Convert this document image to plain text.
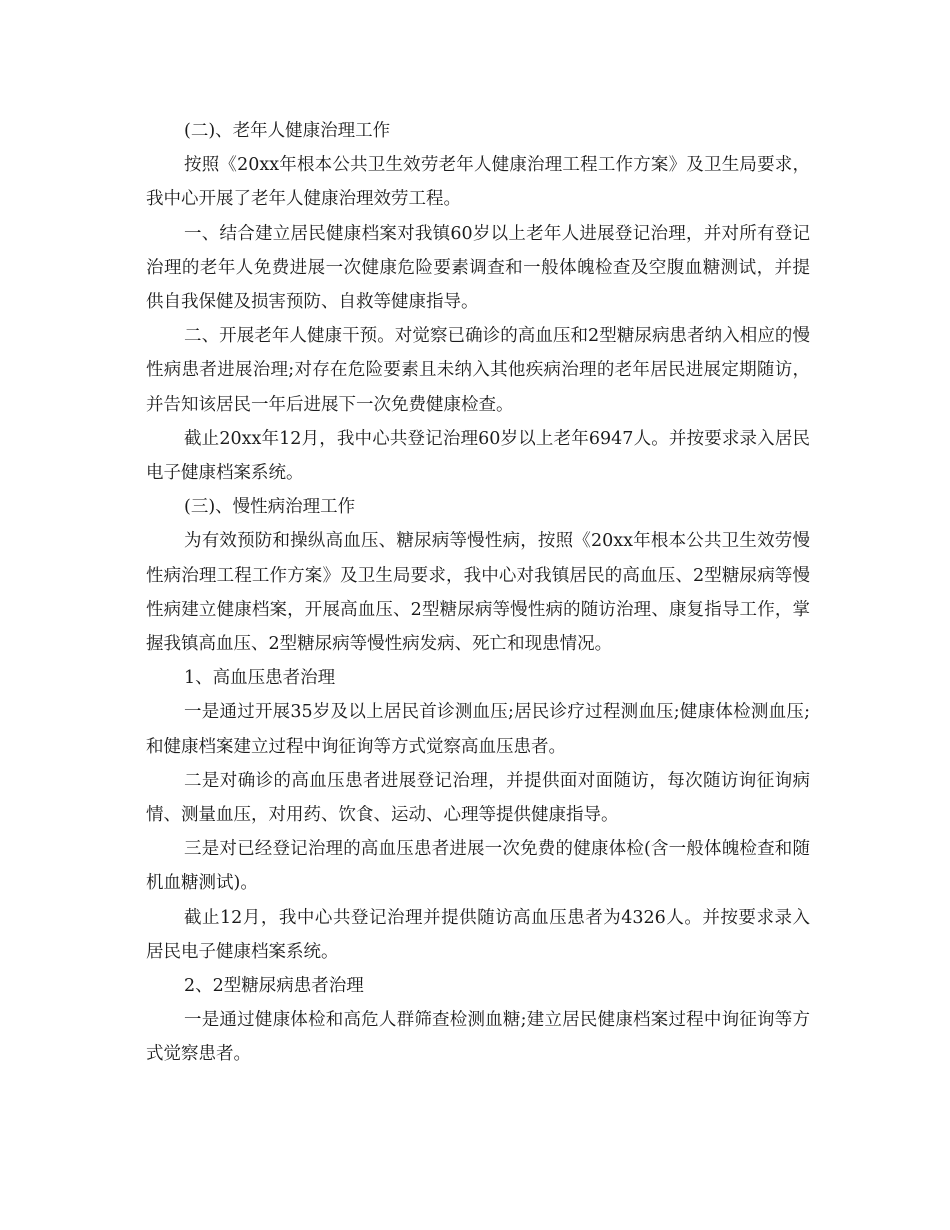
(二)、老年人健康治理工作

按照《20xx年根本公共卫生效劳老年人健康治理工程工作方案》及卫生局要求，我中心开展了老年人健康治理效劳工程。

一、结合建立居民健康档案对我镇60岁以上老年人进展登记治理，并对所有登记治理的老年人免费进展一次健康危险要素调查和一般体魄检查及空腹血糖测试，并提供自我保健及损害预防、自救等健康指导。

二、开展老年人健康干预。对觉察已确诊的高血压和2型糖尿病患者纳入相应的慢性病患者进展治理;对存在危险要素且未纳入其他疾病治理的老年居民进展定期随访，并告知该居民一年后进展下一次免费健康检查。

截止20xx年12月，我中心共登记治理60岁以上老年6947人。并按要求录入居民电子健康档案系统。

(三)、慢性病治理工作

为有效预防和操纵高血压、糖尿病等慢性病，按照《20xx年根本公共卫生效劳慢性病治理工程工作方案》及卫生局要求，我中心对我镇居民的高血压、2型糖尿病等慢性病建立健康档案，开展高血压、2型糖尿病等慢性病的随访治理、康复指导工作，掌握我镇高血压、2型糖尿病等慢性病发病、死亡和现患情况。

1、高血压患者治理

一是通过开展35岁及以上居民首诊测血压;居民诊疗过程测血压;健康体检测血压;和健康档案建立过程中询征询等方式觉察高血压患者。

二是对确诊的高血压患者进展登记治理，并提供面对面随访，每次随访询征询病情、测量血压，对用药、饮食、运动、心理等提供健康指导。

三是对已经登记治理的高血压患者进展一次免费的健康体检(含一般体魄检查和随机血糖测试)。

截止12月，我中心共登记治理并提供随访高血压患者为4326人。并按要求录入居民电子健康档案系统。

2、2型糖尿病患者治理

一是通过健康体检和高危人群筛查检测血糖;建立居民健康档案过程中询征询等方式觉察患者。
